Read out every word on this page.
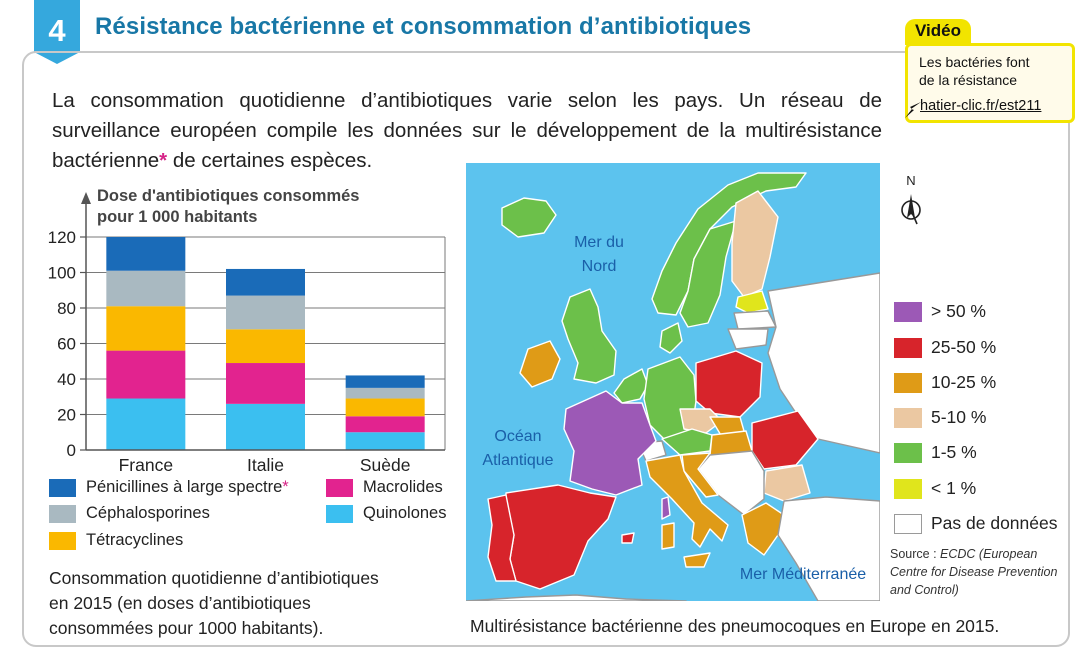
4 Résistance bactérienne et consommation d’antibiotiques	Vidéo
Les bactéries font
de la résistance
hatier-clic.fr/est211

La consommation quotidienne d’antibiotiques varie selon les pays. Un réseau de surveillance européen compile les données sur le développement de la multirésistance bactérienne* de certaines espèces.

Dose d'antibiotiques consommés
pour 1 000 habitants
0
20
40
60
80
100
120
France	Italie	Suède
Pénicillines à large spectre *	Macrolides
Céphalosporines	Quinolones
Tétracyclines
Consommation quotidienne d’antibiotiques
en 2015 (en doses d’antibiotiques
consommées pour 1000 habitants).
Mer du
Nord
Océan
Atlantique
Mer Méditerranée
Multirésistance bactérienne des pneumocoques en Europe en 2015.
N
> 50 %
25-50 %
10-25 %
5-10 %
1-5 %
< 1 %
Pas de données
Source : ECDC (European Centre for Disease Prevention and Control)
